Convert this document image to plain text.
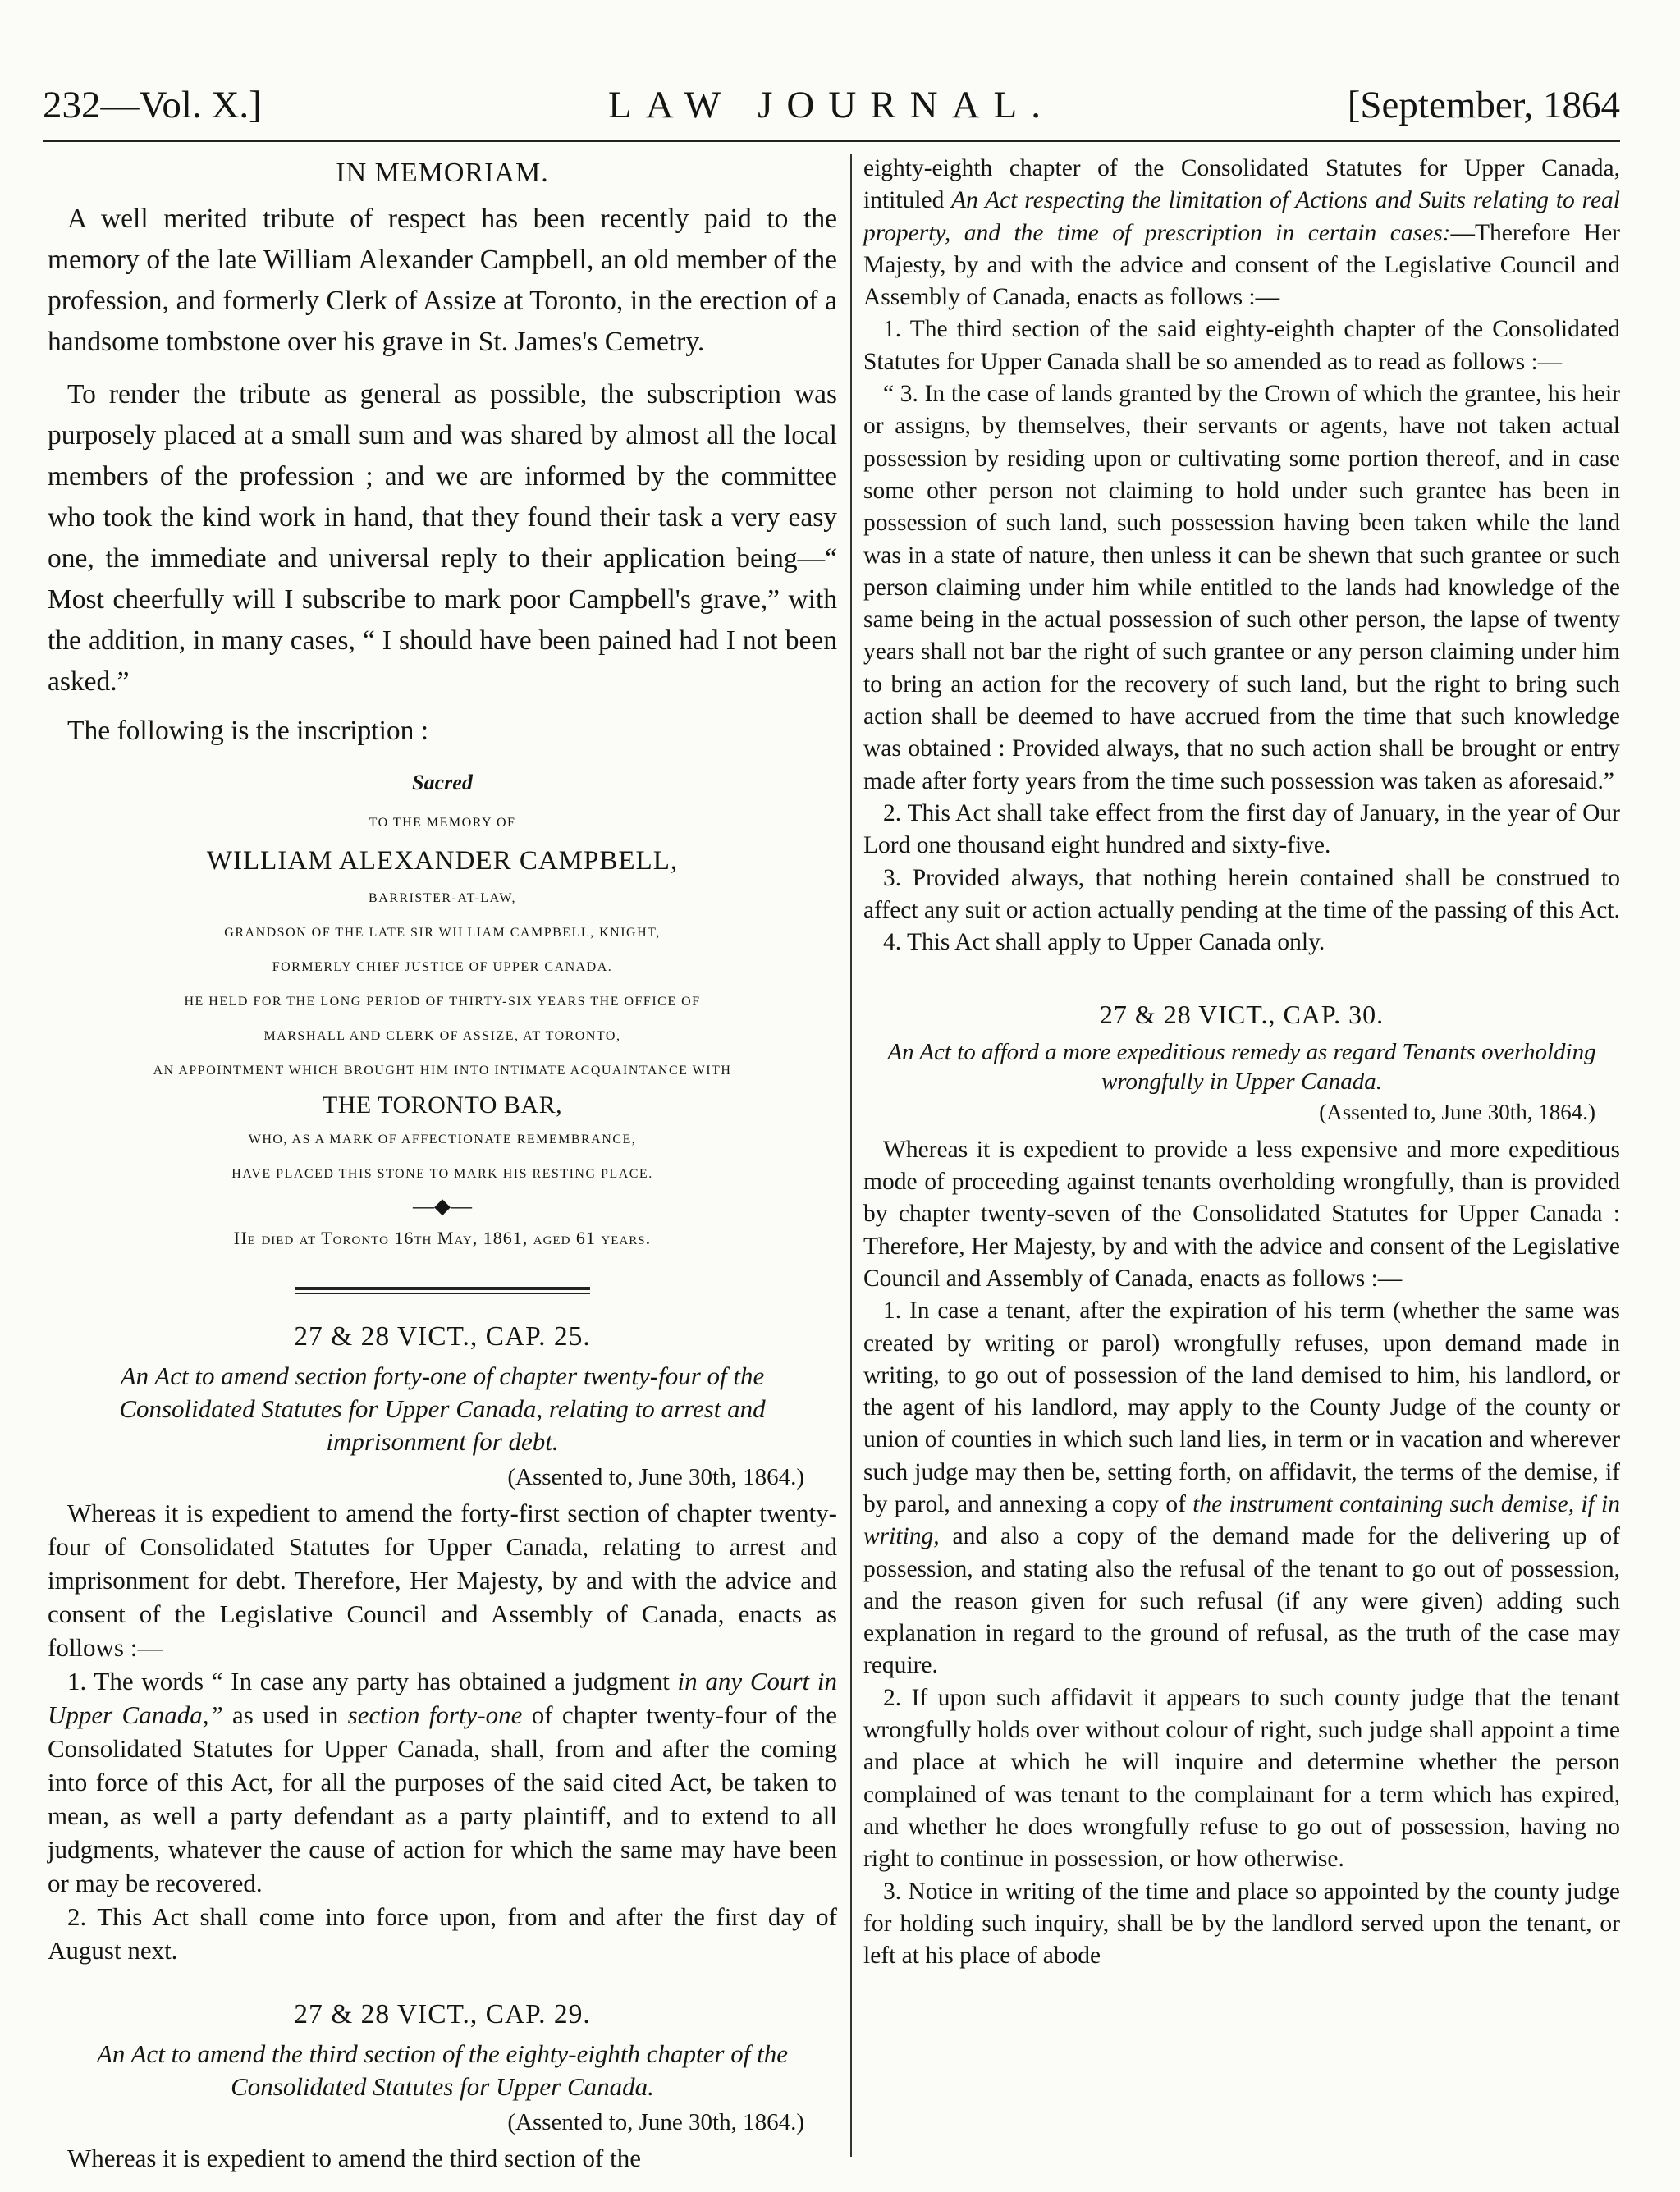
LAW JOURNAL.
232—Vol. X.]	[September, 1864

IN MEMORIAM.

A well merited tribute of respect has been recently paid to the memory of the late William Alexander Campbell, an old member of the profession, and formerly Clerk of Assize at Toronto, in the erection of a handsome tombstone over his grave in St. James's Cemetry.

To render the tribute as general as possible, the subscription was purposely placed at a small sum and was shared by almost all the local members of the profession ; and we are informed by the committee who took the kind work in hand, that they found their task a very easy one, the immediate and universal reply to their application being—“ Most cheerfully will I subscribe to mark poor Campbell's grave,” with the addition, in many cases, “ I should have been pained had I not been asked.”

The following is the inscription :

Sacred

TO THE MEMORY OF

WILLIAM ALEXANDER CAMPBELL,

BARRISTER-AT-LAW,

GRANDSON OF THE LATE SIR WILLIAM CAMPBELL, KNIGHT,

FORMERLY CHIEF JUSTICE OF UPPER CANADA.

HE HELD FOR THE LONG PERIOD OF THIRTY-SIX YEARS THE OFFICE OF

MARSHALL AND CLERK OF ASSIZE, AT TORONTO,

AN APPOINTMENT WHICH BROUGHT HIM INTO INTIMATE ACQUAINTANCE WITH

THE TORONTO BAR,

WHO, AS A MARK OF AFFECTIONATE REMEMBRANCE,

HAVE PLACED THIS STONE TO MARK HIS RESTING PLACE.

—◆—

He died at Toronto 16th May, 1861, aged 61 years.

27 & 28 VICT., CAP. 25.

An Act to amend section forty-one of chapter twenty-four of the Consolidated Statutes for Upper Canada, relating to arrest and imprisonment for debt.

(Assented to, June 30th, 1864.)

Whereas it is expedient to amend the forty-first section of chapter twenty-four of Consolidated Statutes for Upper Canada, relating to arrest and imprisonment for debt. Therefore, Her Majesty, by and with the advice and consent of the Legislative Council and Assembly of Canada, enacts as follows :—

1. The words “ In case any party has obtained a judgment in any Court in Upper Canada,” as used in section forty-one of chapter twenty-four of the Consolidated Statutes for Upper Canada, shall, from and after the coming into force of this Act, for all the purposes of the said cited Act, be taken to mean, as well a party defendant as a party plaintiff, and to extend to all judgments, whatever the cause of action for which the same may have been or may be recovered.

2. This Act shall come into force upon, from and after the first day of August next.

27 & 28 VICT., CAP. 29.

An Act to amend the third section of the eighty-eighth chapter of the Consolidated Statutes for Upper Canada.

(Assented to, June 30th, 1864.)

Whereas it is expedient to amend the third section of the

eighty-eighth chapter of the Consolidated Statutes for Upper Canada, intituled An Act respecting the limitation of Actions and Suits relating to real property, and the time of prescription in certain cases:—Therefore Her Majesty, by and with the advice and consent of the Legislative Council and Assembly of Canada, enacts as follows :—

1. The third section of the said eighty-eighth chapter of the Consolidated Statutes for Upper Canada shall be so amended as to read as follows :—

“ 3. In the case of lands granted by the Crown of which the grantee, his heir or assigns, by themselves, their servants or agents, have not taken actual possession by residing upon or cultivating some portion thereof, and in case some other person not claiming to hold under such grantee has been in possession of such land, such possession having been taken while the land was in a state of nature, then unless it can be shewn that such grantee or such person claiming under him while entitled to the lands had knowledge of the same being in the actual possession of such other person, the lapse of twenty years shall not bar the right of such grantee or any person claiming under him to bring an action for the recovery of such land, but the right to bring such action shall be deemed to have accrued from the time that such knowledge was obtained : Provided always, that no such action shall be brought or entry made after forty years from the time such possession was taken as aforesaid.”

2. This Act shall take effect from the first day of January, in the year of Our Lord one thousand eight hundred and sixty-five.

3. Provided always, that nothing herein contained shall be construed to affect any suit or action actually pending at the time of the passing of this Act.

4. This Act shall apply to Upper Canada only.

27 & 28 VICT., CAP. 30.

An Act to afford a more expeditious remedy as regard Tenants overholding wrongfully in Upper Canada.

(Assented to, June 30th, 1864.)

Whereas it is expedient to provide a less expensive and more expeditious mode of proceeding against tenants overholding wrongfully, than is provided by chapter twenty-seven of the Consolidated Statutes for Upper Canada : Therefore, Her Majesty, by and with the advice and consent of the Legislative Council and Assembly of Canada, enacts as follows :—

1. In case a tenant, after the expiration of his term (whether the same was created by writing or parol) wrongfully refuses, upon demand made in writing, to go out of possession of the land demised to him, his landlord, or the agent of his landlord, may apply to the County Judge of the county or union of counties in which such land lies, in term or in vacation and wherever such judge may then be, setting forth, on affidavit, the terms of the demise, if by parol, and annexing a copy of the instrument containing such demise, if in writing, and also a copy of the demand made for the delivering up of possession, and stating also the refusal of the tenant to go out of possession, and the reason given for such refusal (if any were given) adding such explanation in regard to the ground of refusal, as the truth of the case may require.

2. If upon such affidavit it appears to such county judge that the tenant wrongfully holds over without colour of right, such judge shall appoint a time and place at which he will inquire and determine whether the person complained of was tenant to the complainant for a term which has expired, and whether he does wrongfully refuse to go out of possession, having no right to continue in possession, or how otherwise.

3. Notice in writing of the time and place so appointed by the county judge for holding such inquiry, shall be by the landlord served upon the tenant, or left at his place of abode
